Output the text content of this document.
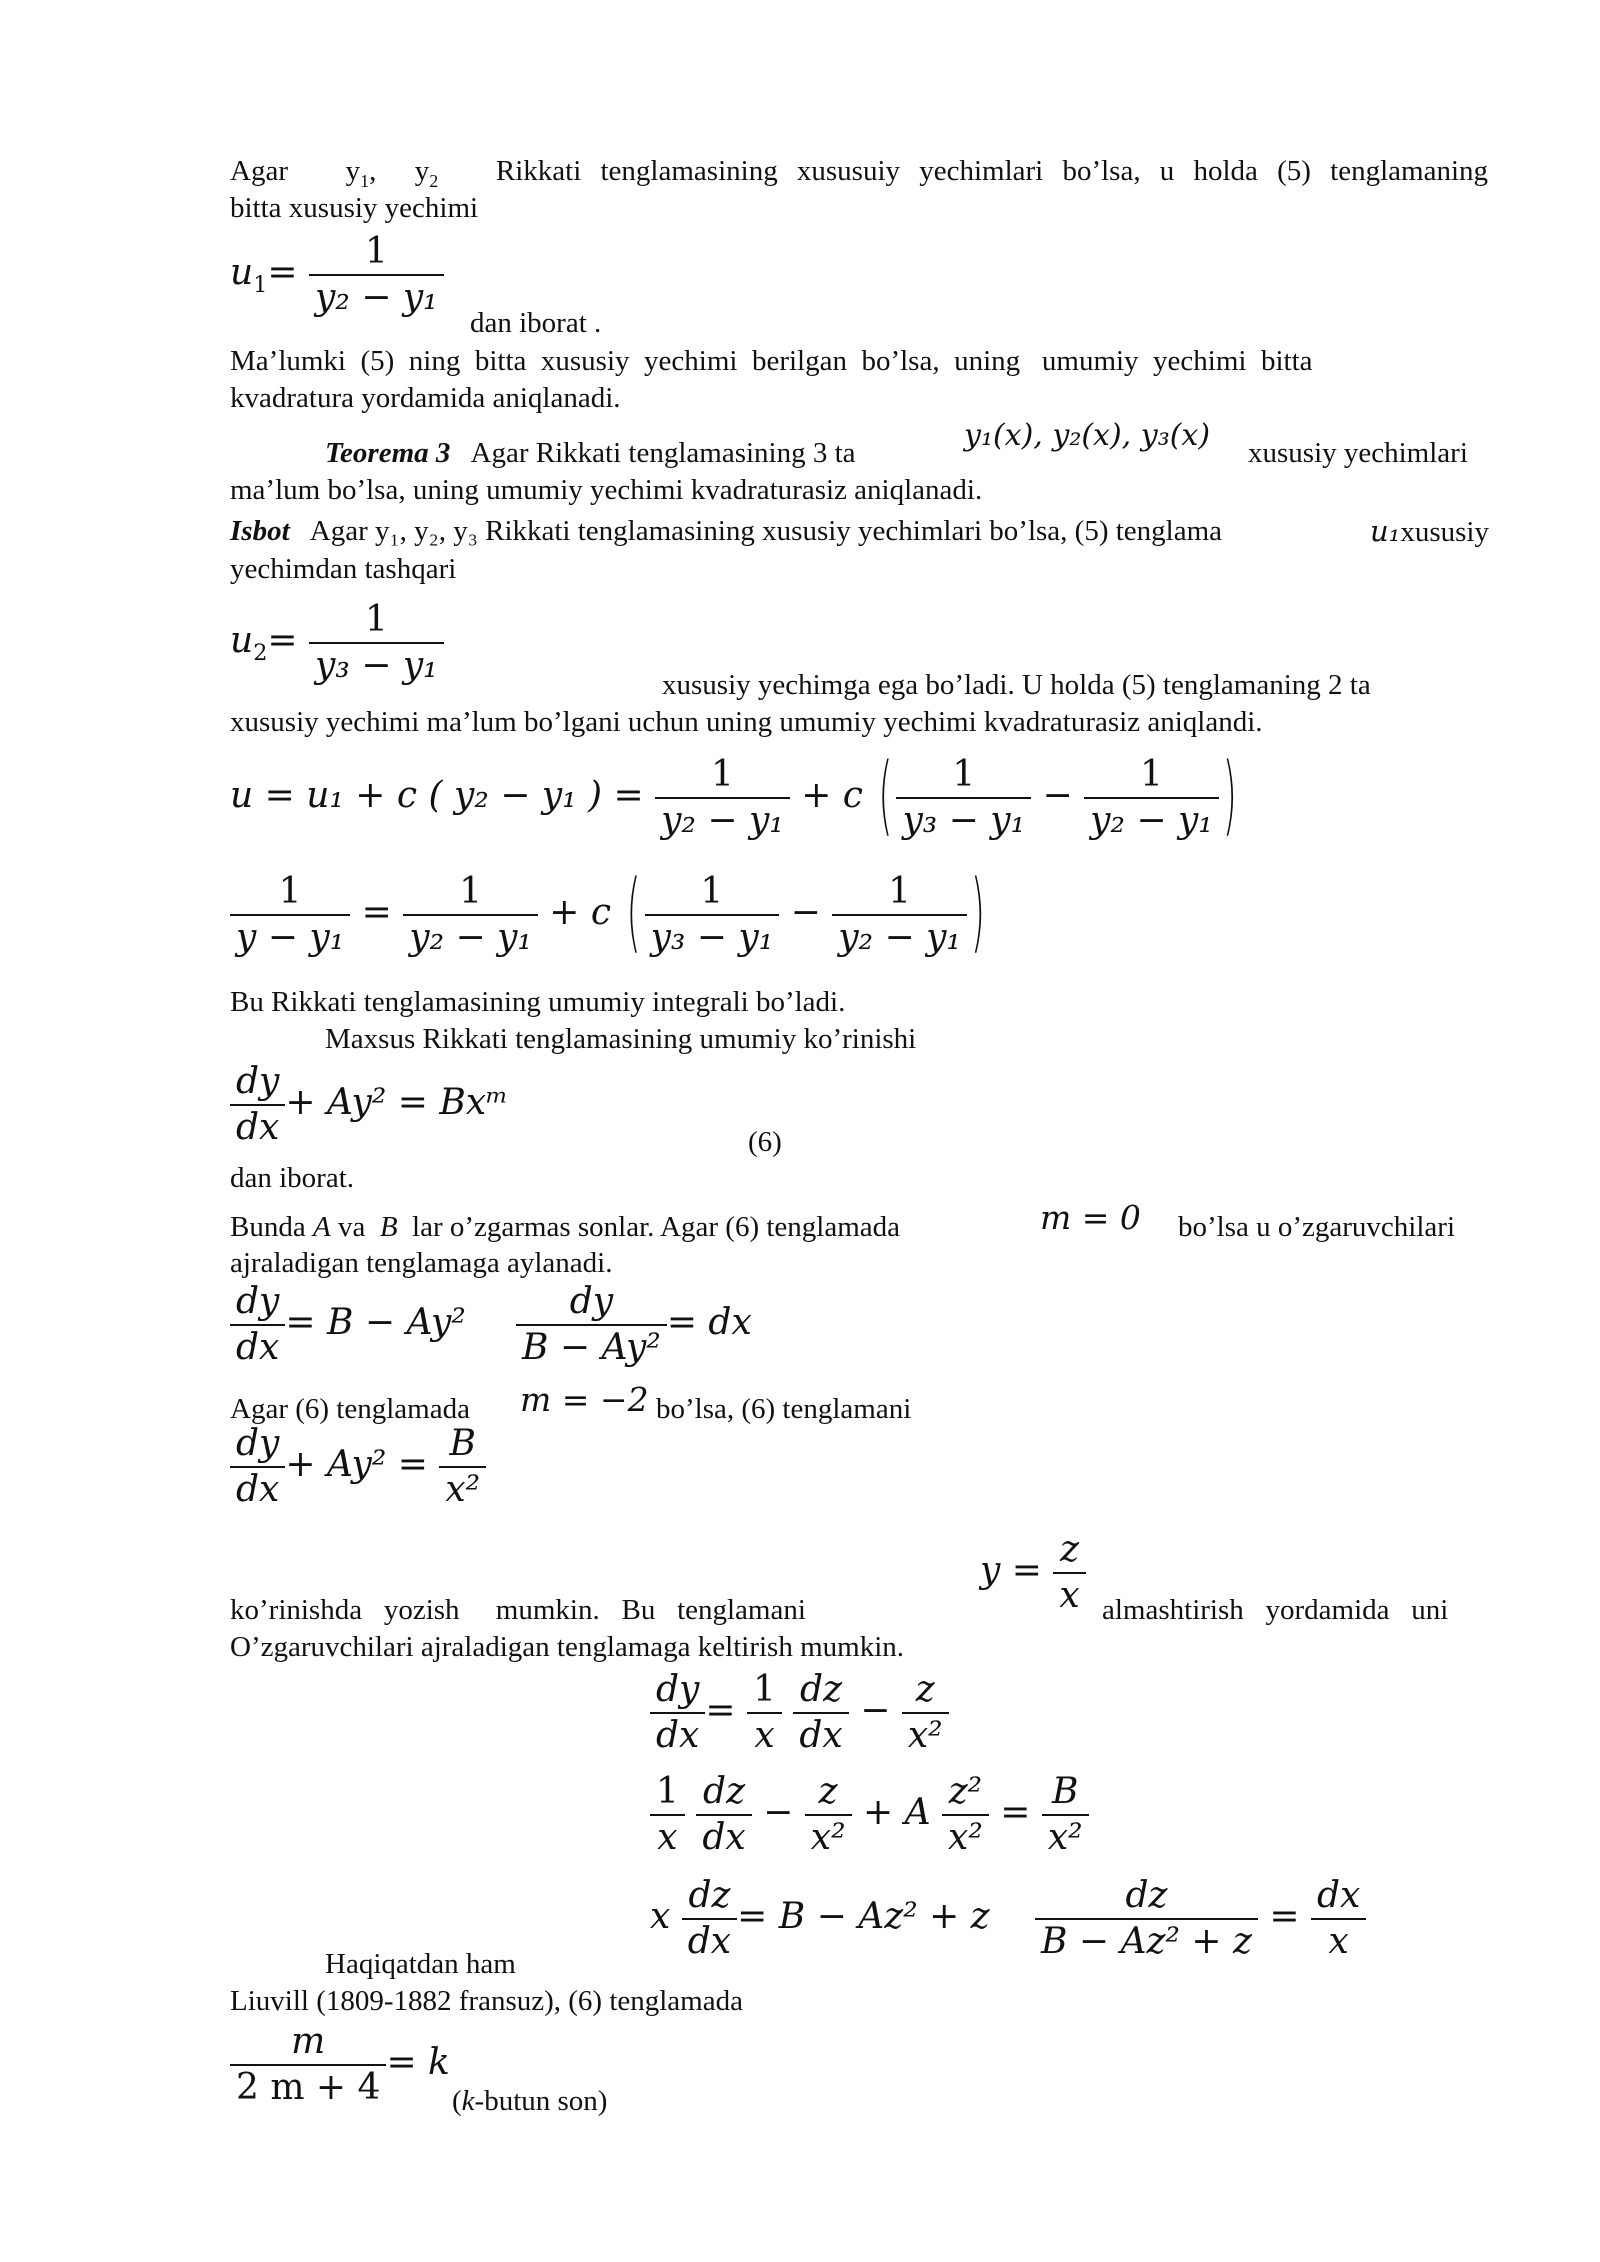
Agar $y_1$, $y_2$ Rikkati tenglamasining xususuiy yechimlari bo’lsa, u holda (5) tenglamaning
bitta xususiy yechimi
$u_1= \frac{1}{\text{y₂ − y₁}}$
dan iborat .
Ma’lumki  (5)  ning  bitta  xususiy  yechimi  berilgan  bo’lsa,  uning   umumiy  yechimi  bitta
kvadratura yordamida aniqlanadi.
Teorema 3 Agar Rikkati tenglamasining 3 ta	y₁(x), y₂(x), y₃(x) xususiy yechimlari
ma’lum bo’lsa, uning umumiy yechimi kvadraturasiz aniqlanadi.
Isbot Agar y₁, y₂, y₃ Rikkati tenglamasining xususiy yechimlari bo’lsa, (5) tenglama	u₁xususiy
yechimdan tashqari
$u_2= \frac{1}{\text{y₃ − y₁}}$	xususiy yechimga ega bo’ladi. U holda (5) tenglamaning 2 ta
xususiy yechimi ma’lum bo’lgani uchun uning umumiy yechimi kvadraturasiz aniqlandi.
u = u₁ + c ( y₂ − y₁ ) = $\frac{1}{\text{y₂ − y₁}} + c$ ( $\frac{1}{\text{y₃ − y₁}} - \frac{1}{\text{y₂ − y₁}}$ )
$\frac{1}{\text{y − y₁}} = \frac{1}{\text{y₂ − y₁}} + c$ ( $\frac{1}{\text{y₃ − y₁}} - \frac{1}{\text{y₂ − y₁}}$ )
Bu Rikkati tenglamasining umumiy integrali bo’ladi.
Maxsus Rikkati tenglamasining umumiy ko’rinishi
$\frac{dy}{dx} + Ay^2$ = Bxᵐ
(6)
dan iborat.
Bunda A va B lar o’zgarmas sonlar. Agar (6) tenglamada	m = 0 bo’lsa u o’zgaruvchilari
ajraladigan tenglamaga aylanadi.
$\frac{dy}{dx} = B - Ay^2 \frac{dy}{\text{B − Ay²}}$ = dx
Agar (6) tenglamada m = −2 bo’lsa, (6) tenglamani
$\frac{dy}{dx} + Ay^2 = \frac{B}{\text{x²}}$
$y = \frac{z}{x}$
ko’rinishda   yozish     mumkin.   Bu   tenglamani	almashtirish   yordamida   uni
O’zgaruvchilari ajraladigan tenglamaga keltirish mumkin.
$\frac{dy}{dx} = \frac{1}{x}$
$\frac{dz}{dx} - \frac{z}{\text{x²}}$
$\frac{1}{x}$
$\frac{dz}{dx} - \frac{z}{\text{x²}} + A \frac{\text{z²}}{\text{x²}} = \frac{B}{\text{x²}}$
x $\frac{dz}{dx} = B - Az^2 + z \frac{dz}{\text{B − Az² + z}} = \frac{dx}{x}$
Haqiqatdan ham
Liuvill (1809-1882 fransuz), (6) tenglamada
$\frac{m}{2 m + 4} = k$
(k-butun son)
